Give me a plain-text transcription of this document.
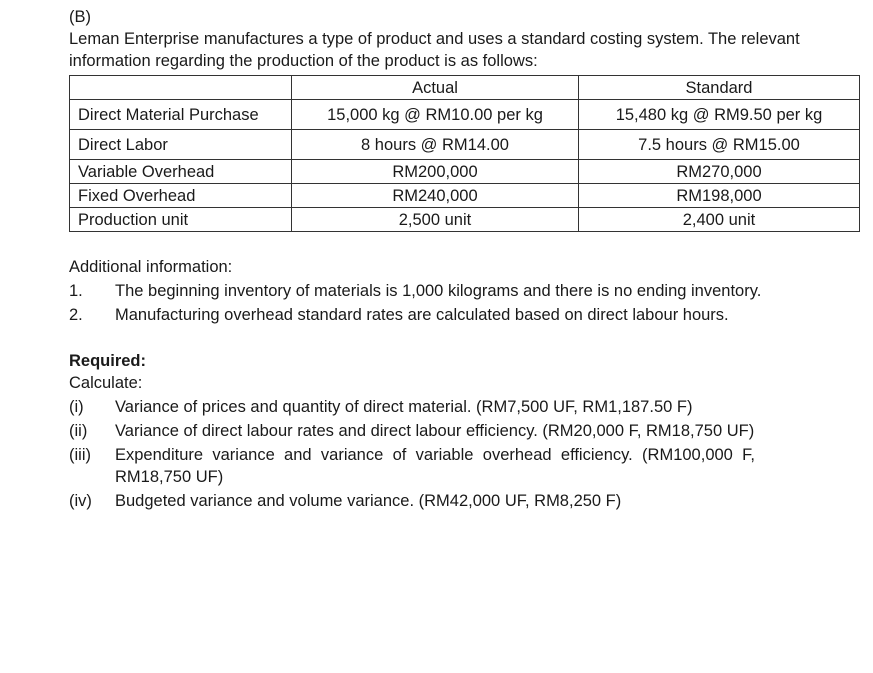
(B)

Leman Enterprise manufactures a type of product and uses a standard costing system. The relevant information regarding the production of the product is as follows:

	Actual	Standard
Direct Material Purchase	15,000 kg @ RM10.00 per kg	15,480 kg @ RM9.50 per kg
Direct Labor	8 hours @ RM14.00	7.5 hours @ RM15.00
Variable Overhead	RM200,000	RM270,000
Fixed Overhead	RM240,000	RM198,000
Production unit	2,500 unit	2,400 unit
Additional information:
1.	The beginning inventory of materials is 1,000 kilograms and there is no ending inventory.
2.	Manufacturing overhead standard rates are calculated based on direct labour hours.
Required:

Calculate:

(i)	Variance of prices and quantity of direct material. (RM7,500 UF, RM1,187.50 F)
(ii)	Variance of direct labour rates and direct labour efficiency. (RM20,000 F, RM18,750 UF)
(iii)	Expenditure variance and variance of variable overhead efficiency. (RM100,000 F, RM18,750 UF)
(iv)	Budgeted variance and volume variance. (RM42,000 UF, RM8,250 F)
